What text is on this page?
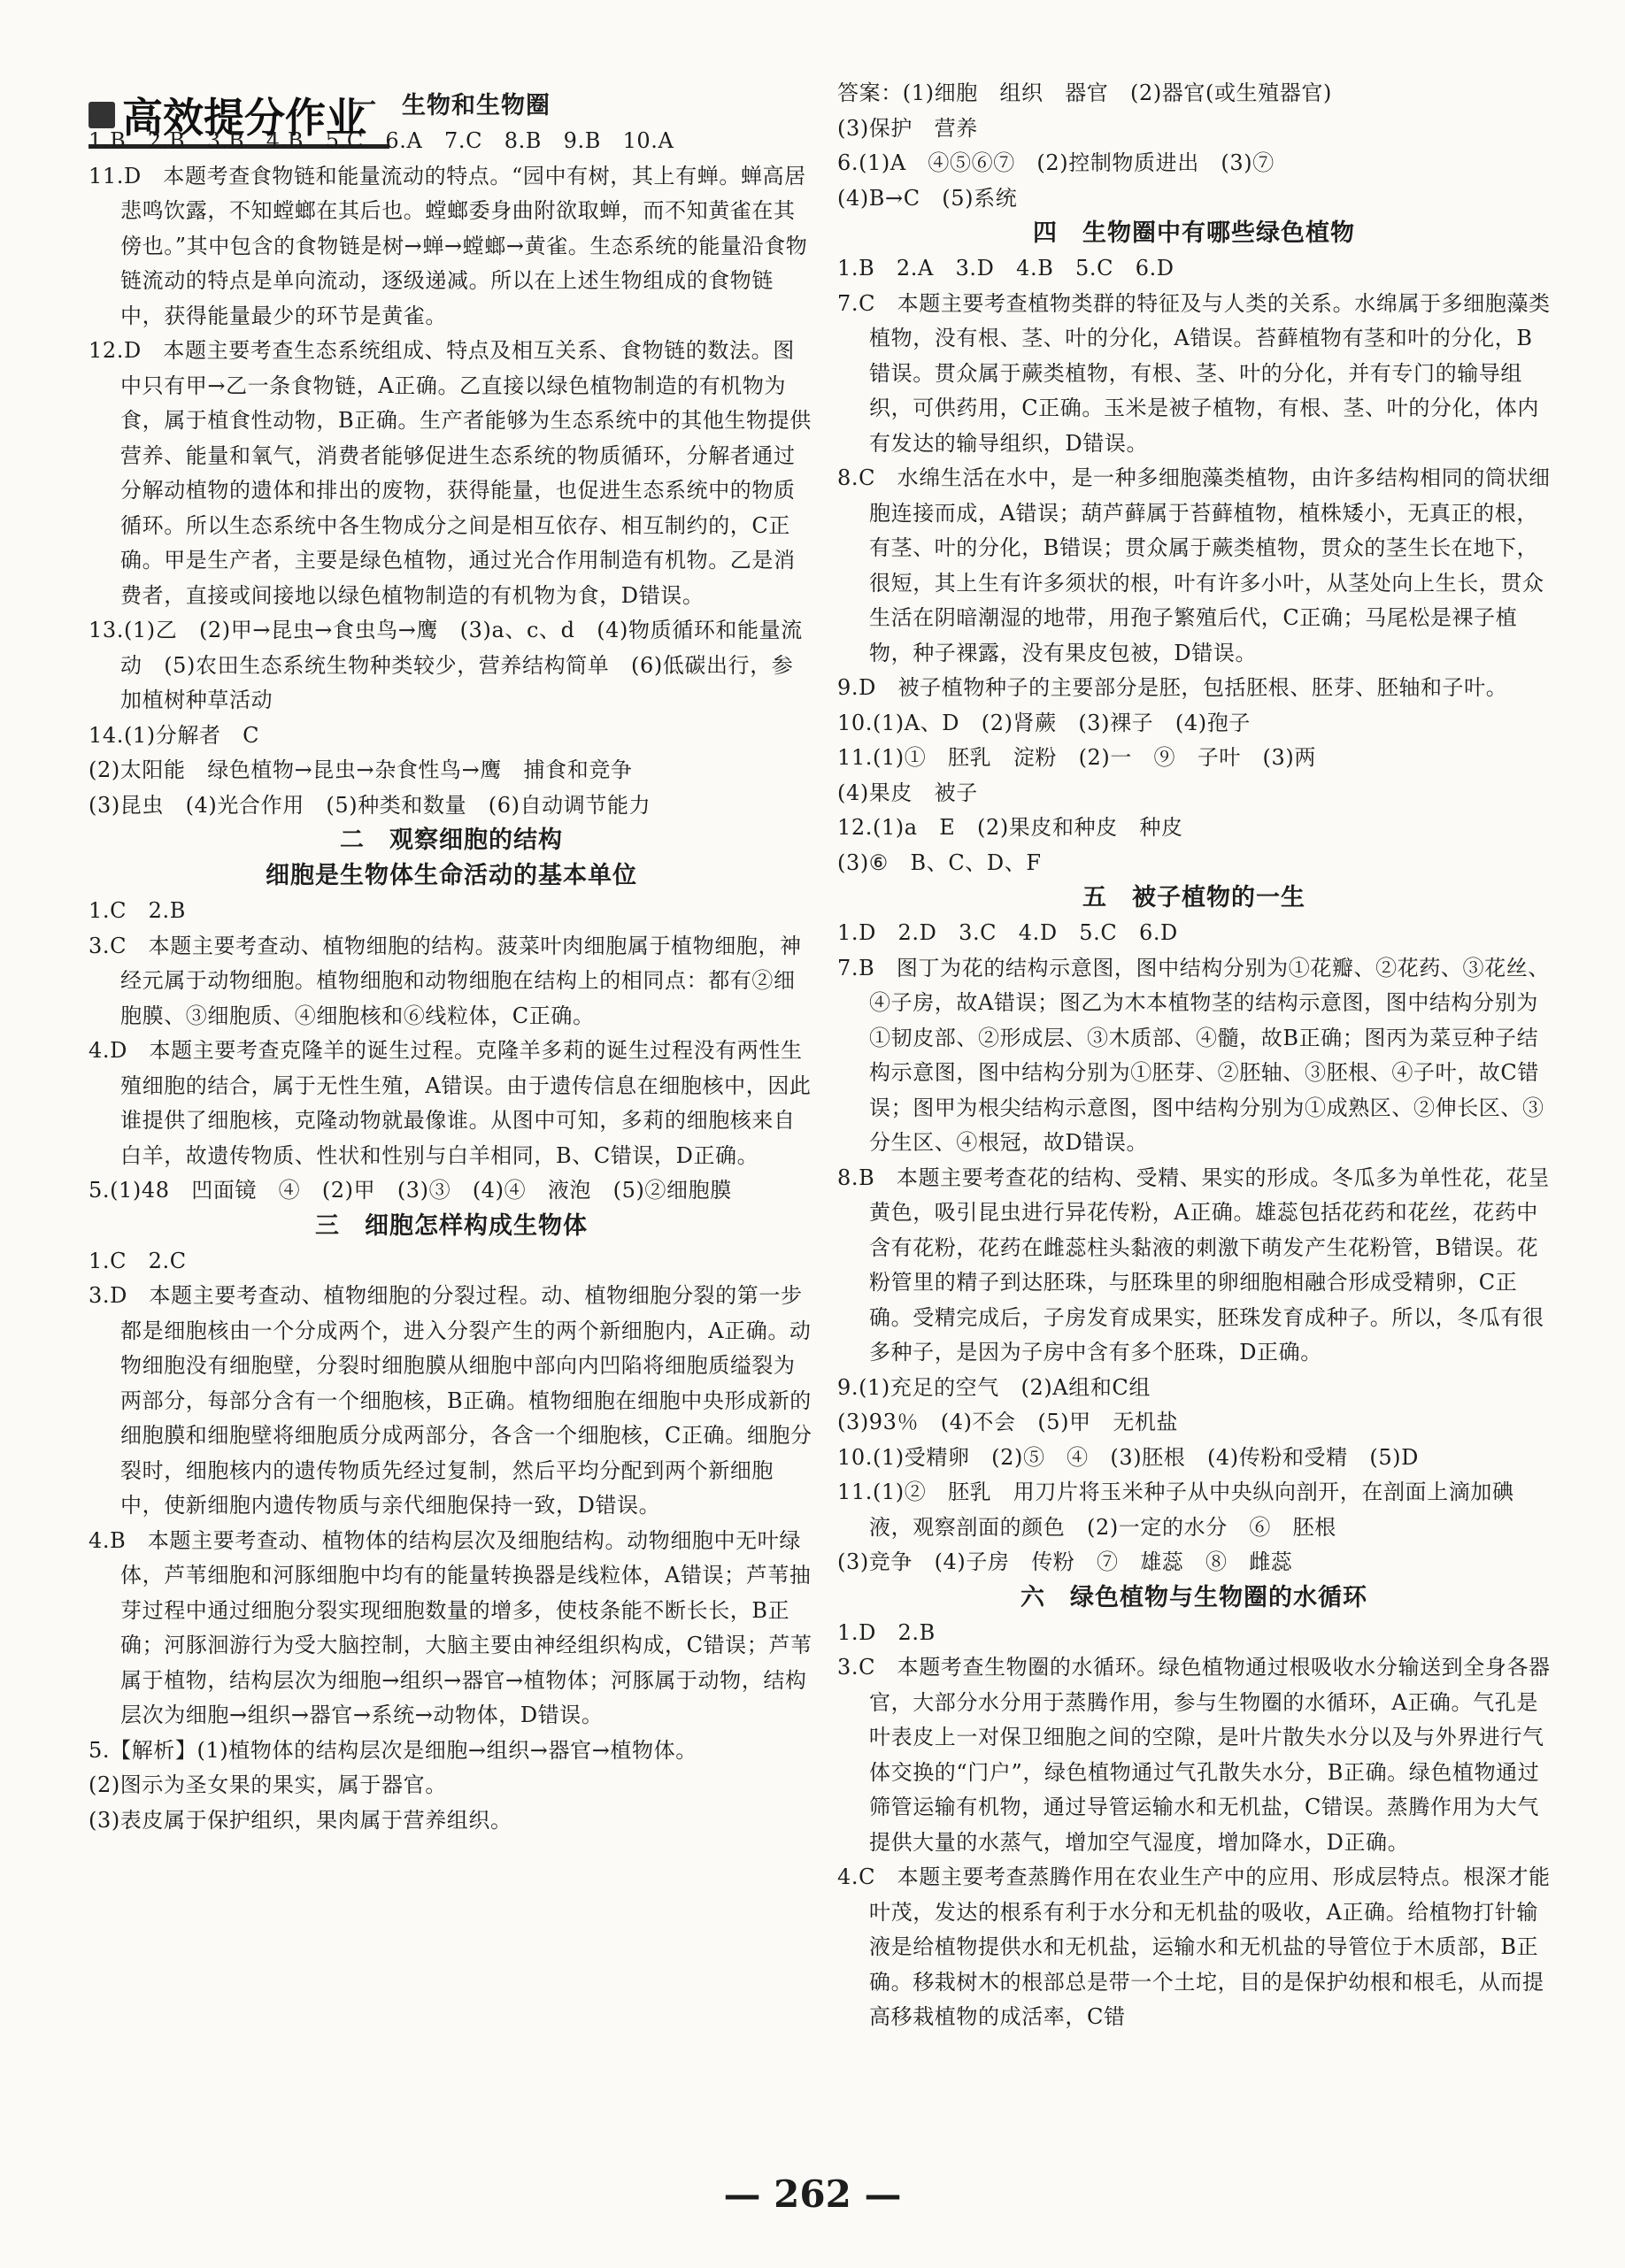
高效提分作业
一　生物和生物圈
1.B　2.B　3.B　4.B　5.C　6.A　7.C　8.B　9.B　10.A
11.D　本题考查食物链和能量流动的特点。“园中有树，其上有蝉。蝉高居悲鸣饮露，不知螳螂在其后也。螳螂委身曲附欲取蝉，而不知黄雀在其傍也。”其中包含的食物链是树→蝉→螳螂→黄雀。生态系统的能量沿食物链流动的特点是单向流动，逐级递减。所以在上述生物组成的食物链中，获得能量最少的环节是黄雀。
12.D　本题主要考查生态系统组成、特点及相互关系、食物链的数法。图中只有甲→乙一条食物链，A正确。乙直接以绿色植物制造的有机物为食，属于植食性动物，B正确。生产者能够为生态系统中的其他生物提供营养、能量和氧气，消费者能够促进生态系统的物质循环，分解者通过分解动植物的遗体和排出的废物，获得能量，也促进生态系统中的物质循环。所以生态系统中各生物成分之间是相互依存、相互制约的，C正确。甲是生产者，主要是绿色植物，通过光合作用制造有机物。乙是消费者，直接或间接地以绿色植物制造的有机物为食，D错误。
13.(1)乙　(2)甲→昆虫→食虫鸟→鹰　(3)a、c、d　(4)物质循环和能量流动　(5)农田生态系统生物种类较少，营养结构简单　(6)低碳出行，参加植树种草活动
14.(1)分解者　C
(2)太阳能　绿色植物→昆虫→杂食性鸟→鹰　捕食和竞争
(3)昆虫　(4)光合作用　(5)种类和数量　(6)自动调节能力
二　观察细胞的结构
细胞是生物体生命活动的基本单位
1.C　2.B
3.C　本题主要考查动、植物细胞的结构。菠菜叶肉细胞属于植物细胞，神经元属于动物细胞。植物细胞和动物细胞在结构上的相同点：都有②细胞膜、③细胞质、④细胞核和⑥线粒体，C正确。
4.D　本题主要考查克隆羊的诞生过程。克隆羊多莉的诞生过程没有两性生殖细胞的结合，属于无性生殖，A错误。由于遗传信息在细胞核中，因此谁提供了细胞核，克隆动物就最像谁。从图中可知，多莉的细胞核来自白羊，故遗传物质、性状和性别与白羊相同，B、C错误，D正确。
5.(1)48　凹面镜　④　(2)甲　(3)③　(4)④　液泡　(5)②细胞膜
三　细胞怎样构成生物体
1.C　2.C
3.D　本题主要考查动、植物细胞的分裂过程。动、植物细胞分裂的第一步都是细胞核由一个分成两个，进入分裂产生的两个新细胞内，A正确。动物细胞没有细胞壁，分裂时细胞膜从细胞中部向内凹陷将细胞质缢裂为两部分，每部分含有一个细胞核，B正确。植物细胞在细胞中央形成新的细胞膜和细胞壁将细胞质分成两部分，各含一个细胞核，C正确。细胞分裂时，细胞核内的遗传物质先经过复制，然后平均分配到两个新细胞中，使新细胞内遗传物质与亲代细胞保持一致，D错误。
4.B　本题主要考查动、植物体的结构层次及细胞结构。动物细胞中无叶绿体，芦苇细胞和河豚细胞中均有的能量转换器是线粒体，A错误；芦苇抽芽过程中通过细胞分裂实现细胞数量的增多，使枝条能不断长长，B正确；河豚洄游行为受大脑控制，大脑主要由神经组织构成，C错误；芦苇属于植物，结构层次为细胞→组织→器官→植物体；河豚属于动物，结构层次为细胞→组织→器官→系统→动物体，D错误。
5.【解析】(1)植物体的结构层次是细胞→组织→器官→植物体。
(2)图示为圣女果的果实，属于器官。
(3)表皮属于保护组织，果肉属于营养组织。
答案：(1)细胞　组织　器官　(2)器官(或生殖器官)
(3)保护　营养
6.(1)A　④⑤⑥⑦　(2)控制物质进出　(3)⑦
(4)B→C　(5)系统
四　生物圈中有哪些绿色植物
1.B　2.A　3.D　4.B　5.C　6.D
7.C　本题主要考查植物类群的特征及与人类的关系。水绵属于多细胞藻类植物，没有根、茎、叶的分化，A错误。苔藓植物有茎和叶的分化，B错误。贯众属于蕨类植物，有根、茎、叶的分化，并有专门的输导组织，可供药用，C正确。玉米是被子植物，有根、茎、叶的分化，体内有发达的输导组织，D错误。
8.C　水绵生活在水中，是一种多细胞藻类植物，由许多结构相同的筒状细胞连接而成，A错误；葫芦藓属于苔藓植物，植株矮小，无真正的根，有茎、叶的分化，B错误；贯众属于蕨类植物，贯众的茎生长在地下，很短，其上生有许多须状的根，叶有许多小叶，从茎处向上生长，贯众生活在阴暗潮湿的地带，用孢子繁殖后代，C正确；马尾松是裸子植物，种子裸露，没有果皮包被，D错误。
9.D　被子植物种子的主要部分是胚，包括胚根、胚芽、胚轴和子叶。
10.(1)A、D　(2)肾蕨　(3)裸子　(4)孢子
11.(1)①　胚乳　淀粉　(2)一　⑨　子叶　(3)两
(4)果皮　被子
12.(1)a　E　(2)果皮和种皮　种皮
(3)⑥　B、C、D、F
五　被子植物的一生
1.D　2.D　3.C　4.D　5.C　6.D
7.B　图丁为花的结构示意图，图中结构分别为①花瓣、②花药、③花丝、④子房，故A错误；图乙为木本植物茎的结构示意图，图中结构分别为①韧皮部、②形成层、③木质部、④髓，故B正确；图丙为菜豆种子结构示意图，图中结构分别为①胚芽、②胚轴、③胚根、④子叶，故C错误；图甲为根尖结构示意图，图中结构分别为①成熟区、②伸长区、③分生区、④根冠，故D错误。
8.B　本题主要考查花的结构、受精、果实的形成。冬瓜多为单性花，花呈黄色，吸引昆虫进行异花传粉，A正确。雄蕊包括花药和花丝，花药中含有花粉，花药在雌蕊柱头黏液的刺激下萌发产生花粉管，B错误。花粉管里的精子到达胚珠，与胚珠里的卵细胞相融合形成受精卵，C正确。受精完成后，子房发育成果实，胚珠发育成种子。所以，冬瓜有很多种子，是因为子房中含有多个胚珠，D正确。
9.(1)充足的空气　(2)A组和C组
(3)93％　(4)不会　(5)甲　无机盐
10.(1)受精卵　(2)⑤　④　(3)胚根　(4)传粉和受精　(5)D
11.(1)②　胚乳　用刀片将玉米种子从中央纵向剖开，在剖面上滴加碘液，观察剖面的颜色　(2)一定的水分　⑥　胚根
(3)竞争　(4)子房　传粉　⑦　雄蕊　⑧　雌蕊
六　绿色植物与生物圈的水循环
1.D　2.B
3.C　本题考查生物圈的水循环。绿色植物通过根吸收水分输送到全身各器官，大部分水分用于蒸腾作用，参与生物圈的水循环，A正确。气孔是叶表皮上一对保卫细胞之间的空隙，是叶片散失水分以及与外界进行气体交换的“门户”，绿色植物通过气孔散失水分，B正确。绿色植物通过筛管运输有机物，通过导管运输水和无机盐，C错误。蒸腾作用为大气提供大量的水蒸气，增加空气湿度，增加降水，D正确。
4.C　本题主要考查蒸腾作用在农业生产中的应用、形成层特点。根深才能叶茂，发达的根系有利于水分和无机盐的吸收，A正确。给植物打针输液是给植物提供水和无机盐，运输水和无机盐的导管位于木质部，B正确。移栽树木的根部总是带一个土坨，目的是保护幼根和根毛，从而提高移栽植物的成活率，C错
— 262 —
